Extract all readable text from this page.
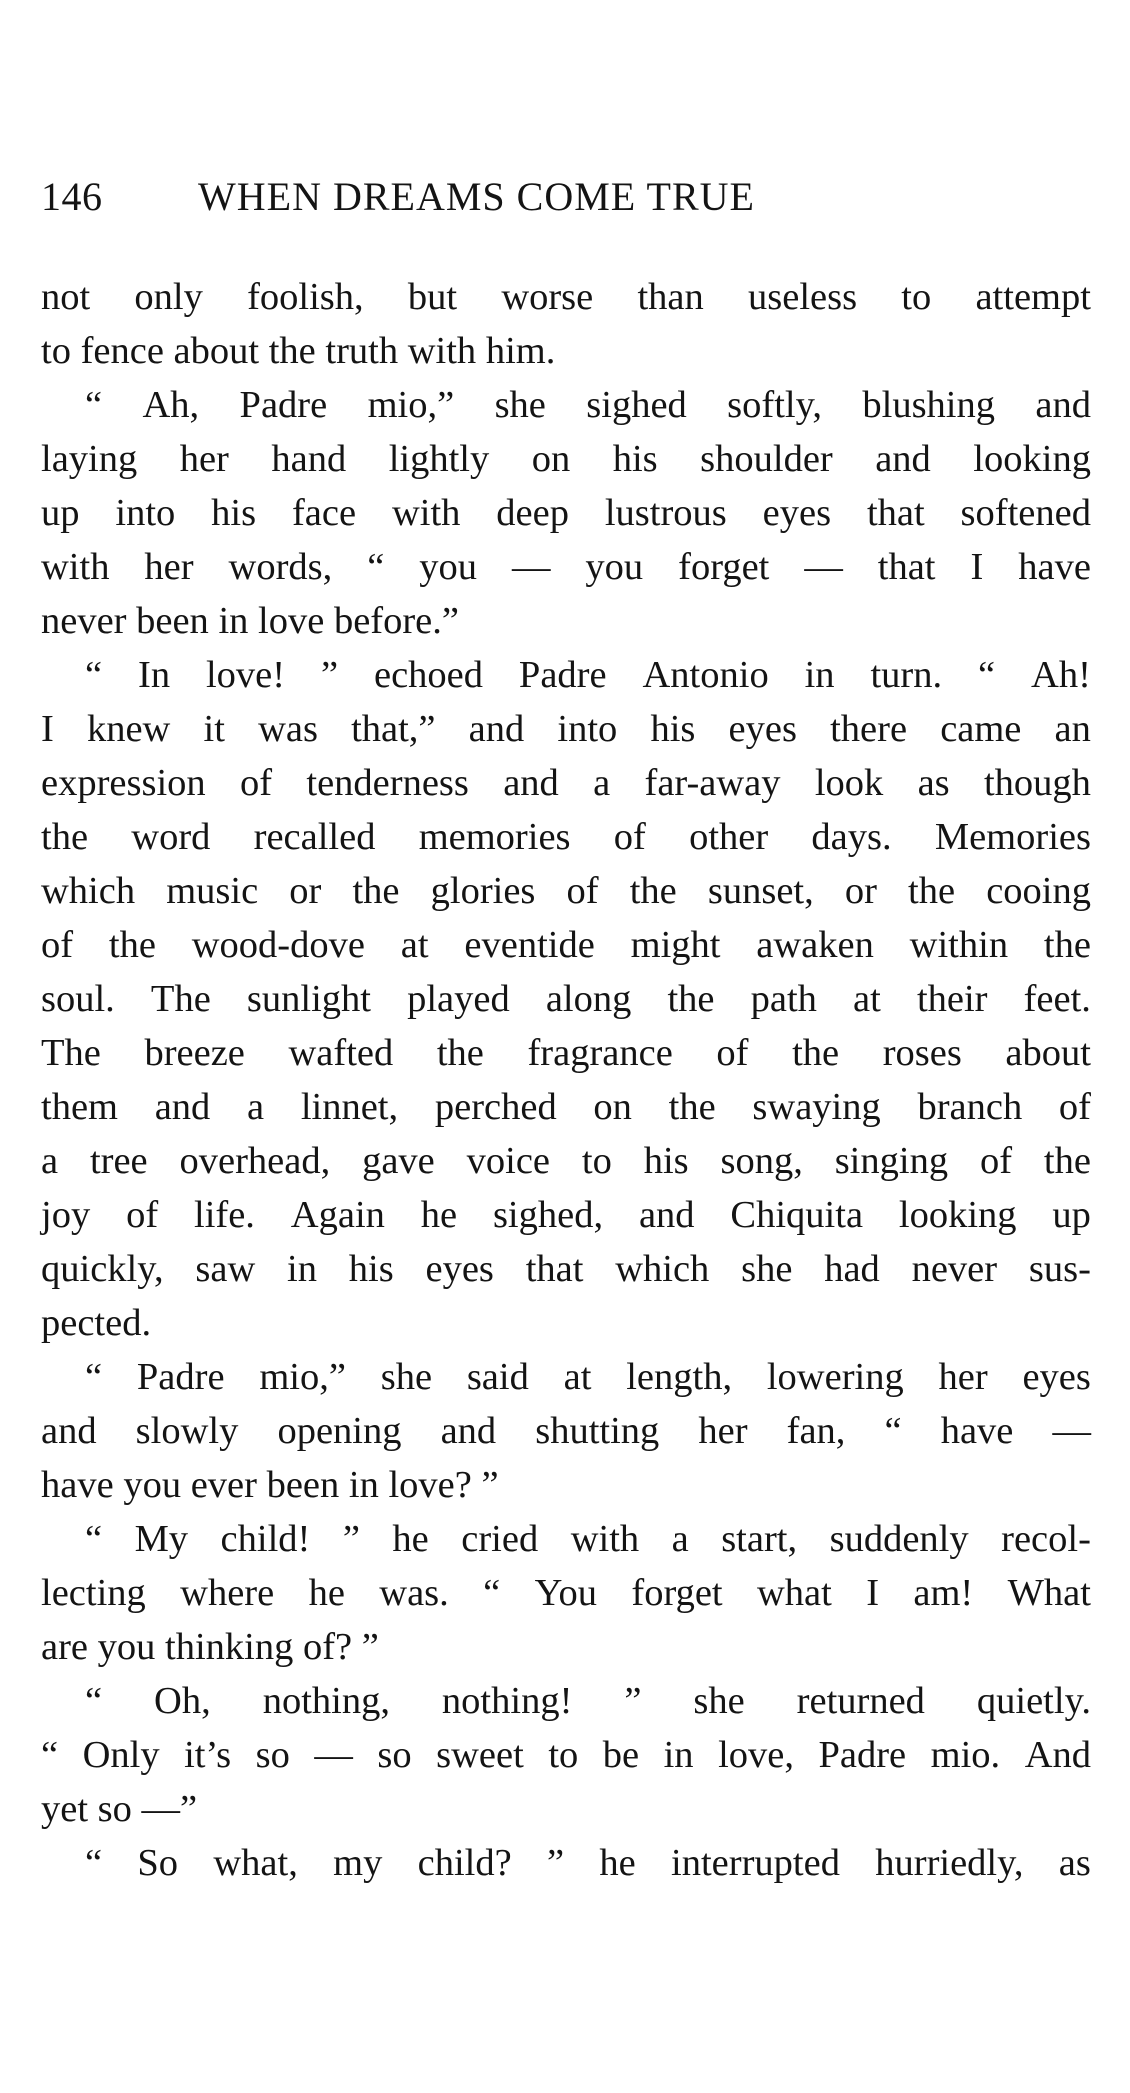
146 WHEN DREAMS COME TRUE
not only foolish, but worse than useless to attempt
to fence about the truth with him.
“ Ah, Padre mio,” she sighed softly, blushing and
laying her hand lightly on his shoulder and looking
up into his face with deep lustrous eyes that softened
with her words, “ you — you forget — that I have
never been in love before.”
“ In love! ” echoed Padre Antonio in turn. “ Ah!
I knew it was that,” and into his eyes there came an
expression of tenderness and a far-away look as though
the word recalled memories of other days. Memories
which music or the glories of the sunset, or the cooing
of the wood-dove at eventide might awaken within the
soul. The sunlight played along the path at their feet.
The breeze wafted the fragrance of the roses about
them and a linnet, perched on the swaying branch of
a tree overhead, gave voice to his song, singing of the
joy of life. Again he sighed, and Chiquita looking up
quickly, saw in his eyes that which she had never sus-
pected.
“ Padre mio,” she said at length, lowering her eyes
and slowly opening and shutting her fan, “ have —
have you ever been in love? ”
“ My child! ” he cried with a start, suddenly recol-
lecting where he was. “ You forget what I am! What
are you thinking of? ”
“ Oh, nothing, nothing! ” she returned quietly.
“ Only it’s so — so sweet to be in love, Padre mio. And
yet so —”
“ So what, my child? ” he interrupted hurriedly, as
